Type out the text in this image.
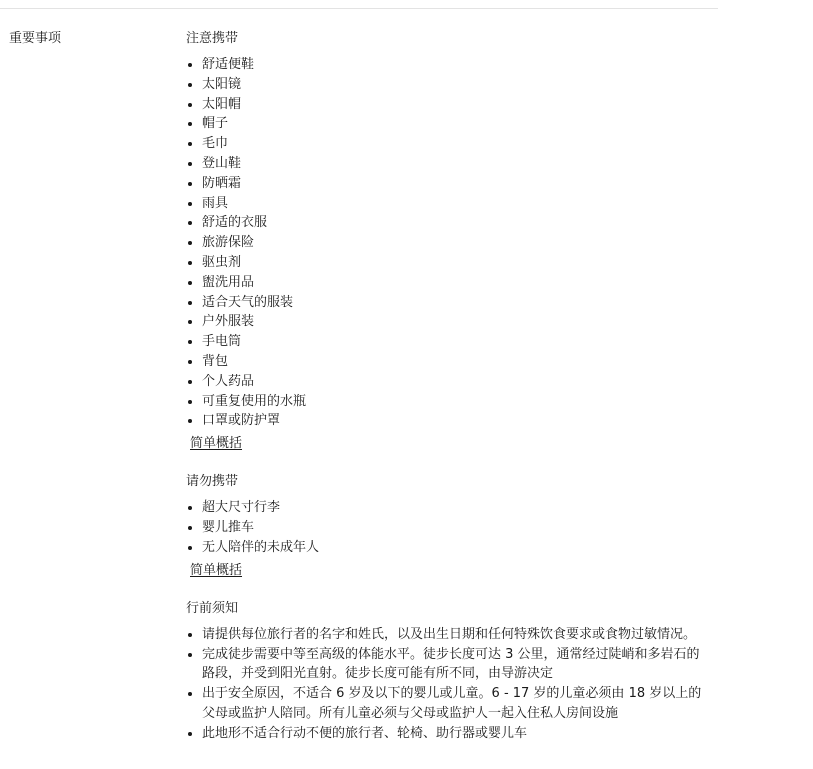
重要事项	注意携带
舒适便鞋
太阳镜
太阳帽
帽子
毛巾
登山鞋
防晒霜
雨具
舒适的衣服
旅游保险
驱虫剂
盥洗用品
适合天气的服装
户外服装
手电筒
背包
个人药品
可重复使用的水瓶
口罩或防护罩
简单概括
请勿携带
超大尺寸行李
婴儿推车
无人陪伴的未成年人
简单概括
行前须知
请提供每位旅行者的名字和姓氏，以及出生日期和任何特殊饮食要求或食物过敏情况。
完成徒步需要中等至高级的体能水平。徒步长度可达 3 公里，通常经过陡峭和多岩石的路段，并受到阳光直射。徒步长度可能有所不同，由导游决定
出于安全原因，不适合 6 岁及以下的婴儿或儿童。6 - 17 岁的儿童必须由 18 岁以上的父母或监护人陪同。所有儿童必须与父母或监护人一起入住私人房间设施
此地形不适合行动不便的旅行者、轮椅、助行器或婴儿车
